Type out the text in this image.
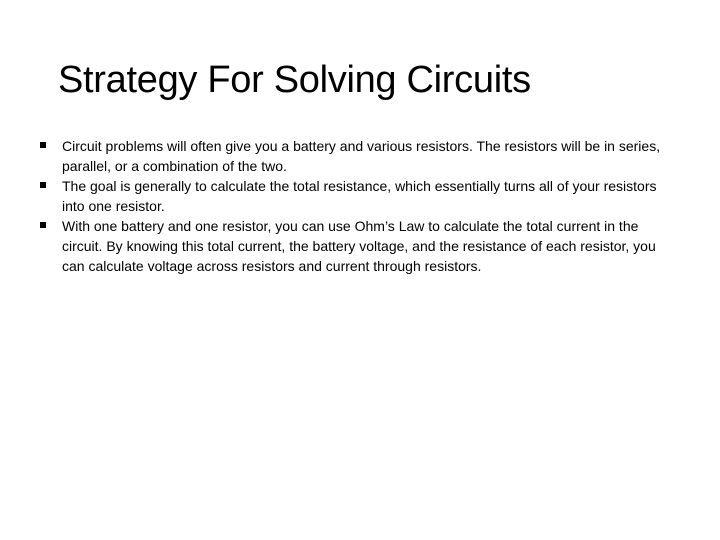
Strategy For Solving Circuits
Circuit problems will often give you a battery and various resistors. The resistors will be in series, parallel, or a combination of the two.
The goal is generally to calculate the total resistance, which essentially turns all of your resistors into one resistor.
With one battery and one resistor, you can use Ohm’s Law to calculate the total current in the circuit. By knowing this total current, the battery voltage, and the resistance of each resistor, you can calculate voltage across resistors and current through resistors.
